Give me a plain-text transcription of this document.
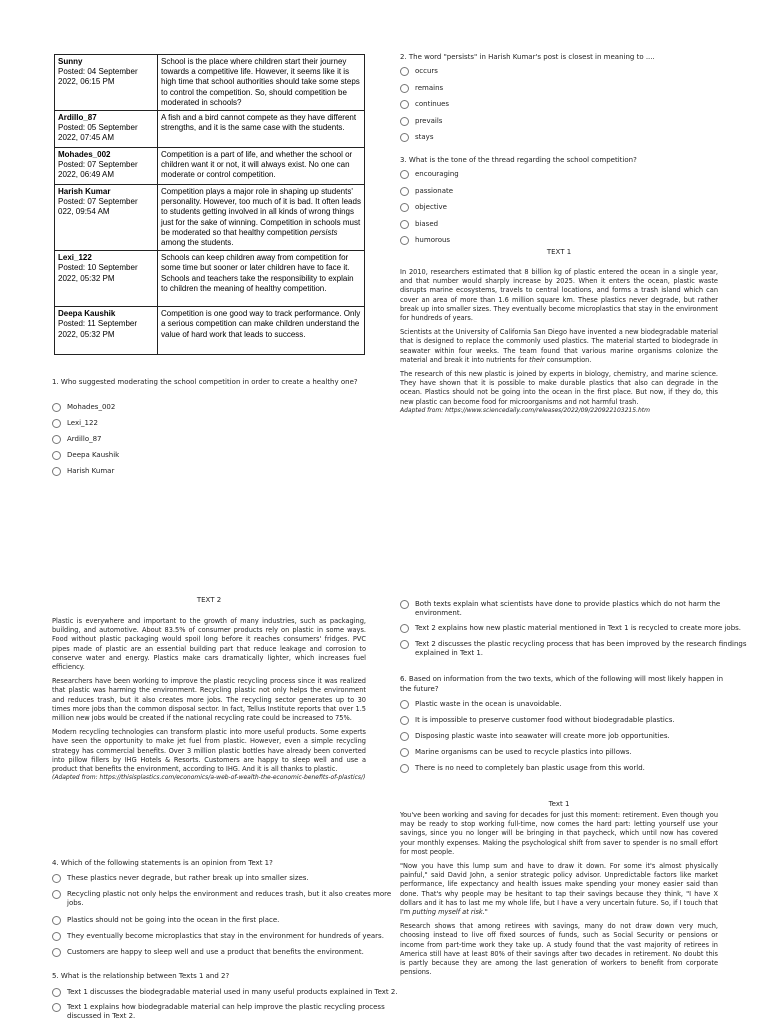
Sunny
Posted: 04 September 2022, 06:15 PM	School is the place where children start their journey towards a competitive life. However, it seems like it is high time that school authorities should take some steps to control the competition. So, should competition be moderated in schools?

Ardillo_87
Posted: 05 September 2022, 07:45 AM	A fish and a bird cannot compete as they have different strengths, and it is the same case with the students.

Mohades_002
Posted: 07 September 2022, 06:49 AM	Competition is a part of life, and whether the school or children want it or not, it will always exist. No one can moderate or control competition.

Harish Kumar
Posted: 07 September 022, 09:54 AM	Competition plays a major role in shaping up students' personality. However, too much of it is bad. It often leads to students getting involved in all kinds of wrong things just for the sake of winning. Competition in schools must be moderated so that healthy competition persists among the students.

Lexi_122
Posted: 10 September 2022, 05:32 PM	Schools can keep children away from competition for some time but sooner or later children have to face it. Schools and teachers take the responsibility to explain to children the meaning of healthy competition.

Deepa Kaushik
Posted: 11 September 2022, 05:32 PM	Competition is one good way to track performance. Only a serious competition can make children understand the value of hard work that leads to success.
1. Who suggested moderating the school competition in order to create a healthy one?
Mohades_002
Lexi_122
Ardillo_87
Deepa Kaushik
Harish Kumar
2. The word "persists" in Harish Kumar's post is closest in meaning to ....
occurs
remains
continues
prevails
stays
3. What is the tone of the thread regarding the school competition?
encouraging
passionate
objective
biased
humorous
TEXT 1

In 2010, researchers estimated that 8 billion kg of plastic entered the ocean in a single year, and that number would sharply increase by 2025. When it enters the ocean, plastic waste disrupts marine ecosystems, travels to central locations, and forms a trash island which can cover an area of more than 1.6 million square km. These plastics never degrade, but rather break up into smaller sizes. They eventually become microplastics that stay in the environment for hundreds of years.

Scientists at the University of California San Diego have invented a new biodegradable material that is designed to replace the commonly used plastics. The material started to biodegrade in seawater within four weeks. The team found that various marine organisms colonize the material and break it into nutrients for their consumption.

The research of this new plastic is joined by experts in biology, chemistry, and marine science. They have shown that it is possible to make durable plastics that also can degrade in the ocean. Plastics should not be going into the ocean in the first place. But now, if they do, this new plastic can become food for microorganisms and not harmful trash.

Adapted from: https://www.sciencedaily.com/releases/2022/09/220922103215.htm
TEXT 2

Plastic is everywhere and important to the growth of many industries, such as packaging, building, and automotive. About 83.5% of consumer products rely on plastic in some ways. Food without plastic packaging would spoil long before it reaches consumers' fridges. PVC pipes made of plastic are an essential building part that reduce leakage and corrosion to conserve water and energy. Plastics make cars dramatically lighter, which increases fuel efficiency.

Researchers have been working to improve the plastic recycling process since it was realized that plastic was harming the environment. Recycling plastic not only helps the environment and reduces trash, but it also creates more jobs. The recycling sector generates up to 30 times more jobs than the common disposal sector. In fact, Tellus Institute reports that over 1.5 million new jobs would be created if the national recycling rate could be increased to 75%.

Modern recycling technologies can transform plastic into more useful products. Some experts have seen the opportunity to make jet fuel from plastic. However, even a simple recycling strategy has commercial benefits. Over 3 million plastic bottles have already been converted into pillow fillers by IHG Hotels & Resorts. Customers are happy to sleep well and use a product that benefits the environment, according to IHG. And it is all thanks to plastic.

(Adapted from: https://thisisplastics.com/economics/a-web-of-wealth-the-economic-benefits-of-plastics/)
4. Which of the following statements is an opinion from Text 1?
These plastics never degrade, but rather break up into smaller sizes.
Recycling plastic not only helps the environment and reduces trash, but it also creates more jobs.
Plastics should not be going into the ocean in the first place.
They eventually become microplastics that stay in the environment for hundreds of years.
Customers are happy to sleep well and use a product that benefits the environment.
5. What is the relationship between Texts 1 and 2?
Text 1 discusses the biodegradable material used in many useful products explained in Text 2.
Text 1 explains how biodegradable material can help improve the plastic recycling process discussed in Text 2.
Both texts explain what scientists have done to provide plastics which do not harm the environment.
Text 2 explains how new plastic material mentioned in Text 1 is recycled to create more jobs.
Text 2 discusses the plastic recycling process that has been improved by the research findings explained in Text 1.
6. Based on information from the two texts, which of the following will most likely happen in the future?
Plastic waste in the ocean is unavoidable.
It is impossible to preserve customer food without biodegradable plastics.
Disposing plastic waste into seawater will create more job opportunities.
Marine organisms can be used to recycle plastics into pillows.
There is no need to completely ban plastic usage from this world.
Text 1

You've been working and saving for decades for just this moment: retirement. Even though you may be ready to stop working full-time, now comes the hard part: letting yourself use your savings, since you no longer will be bringing in that paycheck, which until now has covered your monthly expenses. Making the psychological shift from saver to spender is no small effort for most people.

"Now you have this lump sum and have to draw it down. For some it's almost physically painful," said David John, a senior strategic policy advisor. Unpredictable factors like market performance, life expectancy and health issues make spending your money easier said than done. That's why people may be hesitant to tap their savings because they think, "I have X dollars and it has to last me my whole life, but I have a very uncertain future. So, if I touch that I'm putting myself at risk."

Research shows that among retirees with savings, many do not draw down very much, choosing instead to live off fixed sources of funds, such as Social Security or pensions or income from part-time work they take up. A study found that the vast majority of retirees in America still have at least 80% of their savings after two decades in retirement. No doubt this is partly because they are among the last generation of workers to benefit from corporate pensions.
